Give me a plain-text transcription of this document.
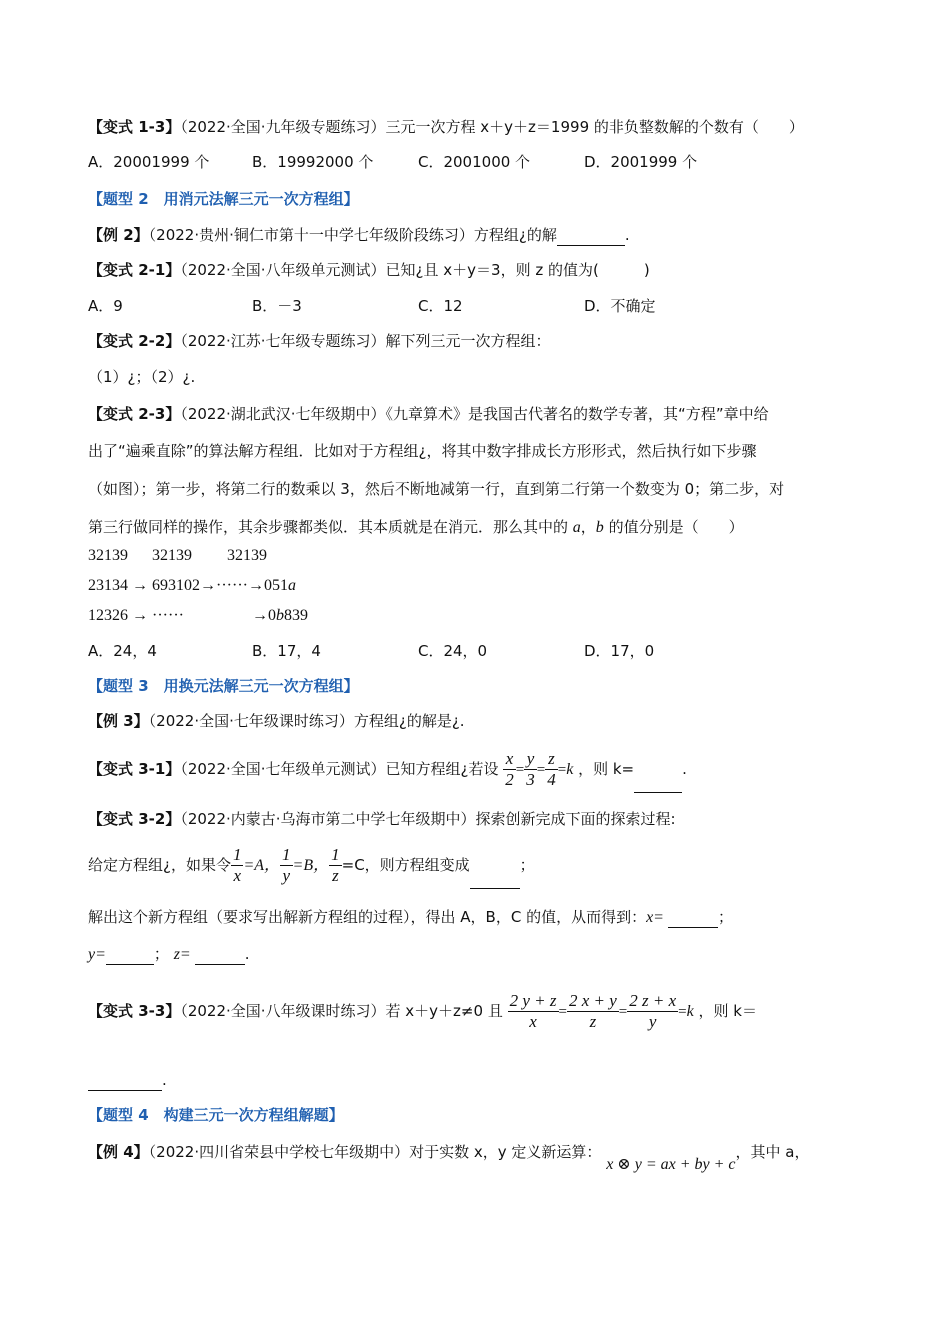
【变式 1-3】（2022·全国·九年级专题练习）三元一次方程 x＋y＋z＝1999 的非负整数解的个数有（　　）
A．20001999 个	B．19992000 个	C．2001000 个	D．2001999 个
【题型 2　用消元法解三元一次方程组】
【例 2】（2022·贵州·铜仁市第十一中学七年级阶段练习）方程组¿的解	.
【变式 2-1】（2022·全国·八年级单元测试）已知¿且 x＋y＝3，则 z 的值为(　　　)
A．9	B．－3	C．12	D．不确定
【变式 2-2】（2022·江苏·七年级专题练习）解下列三元一次方程组：
（1）¿；（2）¿.
【变式 2-3】（2022·湖北武汉·七年级期中）《九章算术》是我国古代著名的数学专著，其“方程”章中给
出了“遍乘直除”的算法解方程组．比如对于方程组¿，将其中数字排成长方形形式，然后执行如下步骤
（如图）；第一步，将第二行的数乘以 3，然后不断地减第一行，直到第二行第一个数变为 0；第二步，对
第三行做同样的操作，其余步骤都类似．其本质就是在消元．那么其中的 a，b 的值分别是（　　）
32139 32139 32139
23134 → 693102→······→051a
12326 → ······	→0b839
A．24，4	B．17，4	C．24，0	D．17，0
【题型 3　用换元法解三元一次方程组】
【例 3】（2022·全国·七年级课时练习）方程组¿的解是¿.
【变式 3-1】（2022·全国·七年级单元测试）已知方程组¿若设 $\frac{x}{2} = \frac{y}{3} = \frac{z}{4} =k$ ，则 k=	.
【变式 3-2】（2022·内蒙古·乌海市第二中学七年级期中）探索创新完成下面的探索过程:
给定方程组¿，如果令 $\frac{1}{x} =A$， $\frac{1}{y} =B$， $\frac{1}{z} =C$，则方程组变成	；
解出这个新方程组（要求写出解新方程组的过程），得出 A，B，C 的值，从而得到：x=	；
y=	； z=	.
【变式 3-3】（2022·全国·八年级课时练习）若 x＋y＋z≠0 且 $\frac{2 y + z}{x} = \frac{2 x + y}{z} = \frac{2 z + x}{y} =k$ ，则 k＝
.
【题型 4　构建三元一次方程组解题】
【例 4】（2022·四川省荣县中学校七年级期中）对于实数 x，y 定义新运算： x ⊗ y = ax + by + c，其中 a，
